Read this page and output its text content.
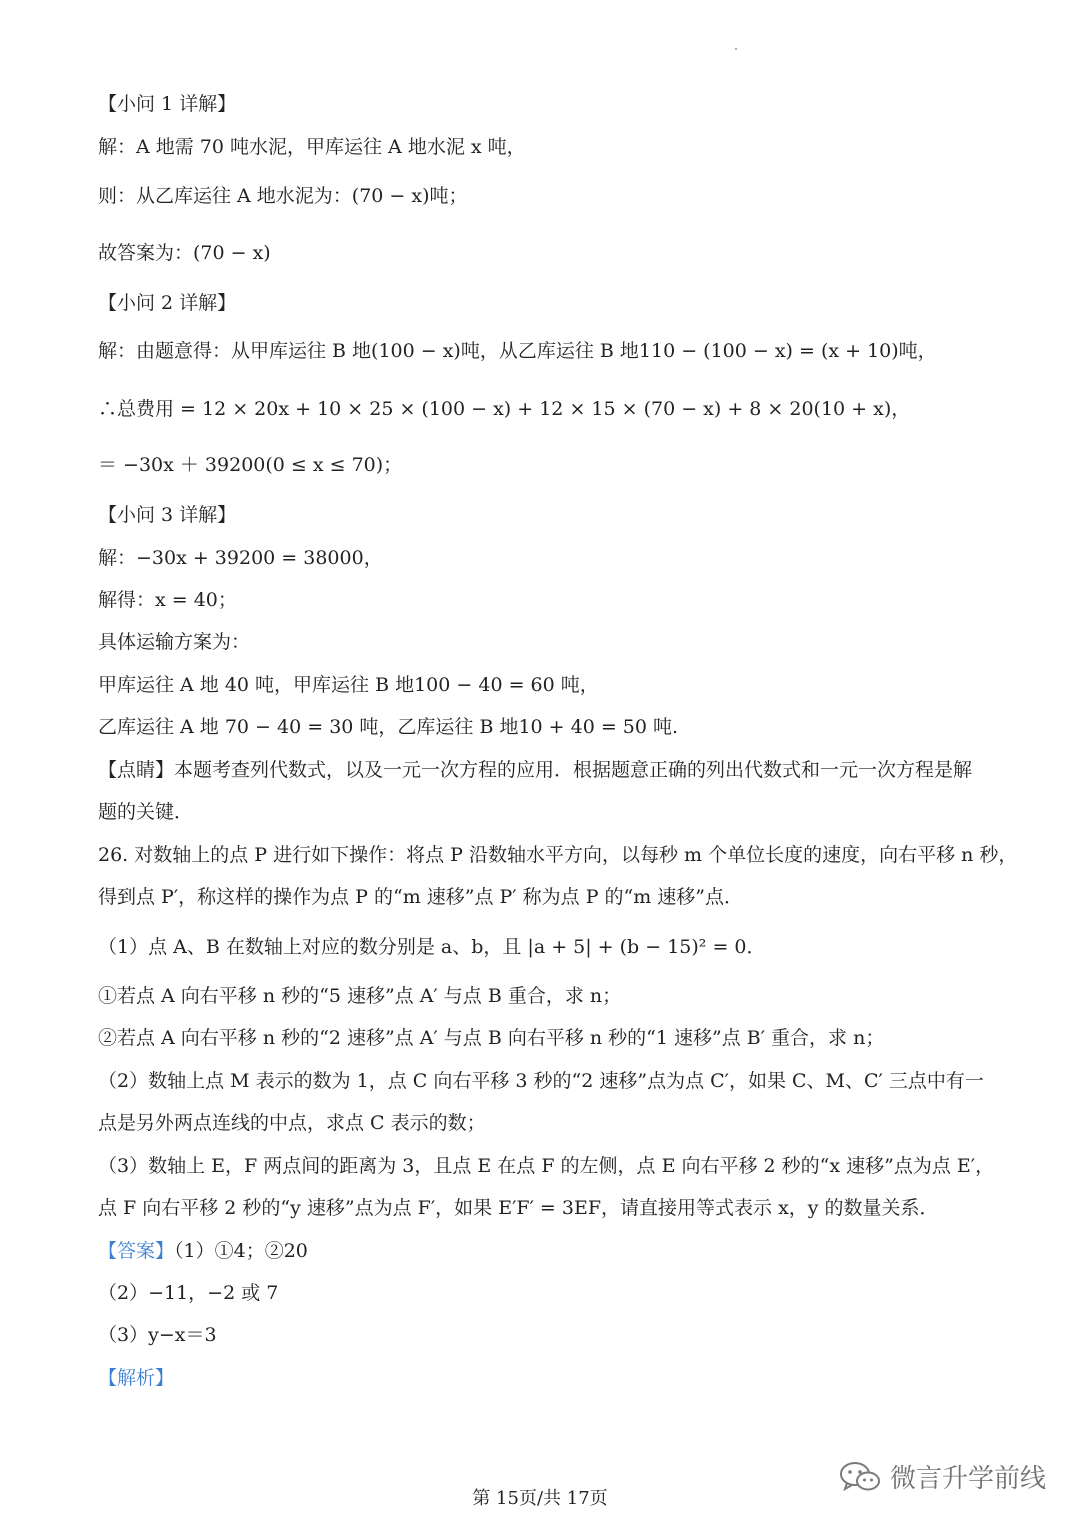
【小问 1 详解】
解：A 地需 70 吨水泥，甲库运往 A 地水泥 x 吨，
则：从乙库运往 A 地水泥为：(70 − x)吨；
故答案为：(70 − x)
【小问 2 详解】
解：由题意得：从甲库运往 B 地(100 − x)吨，从乙库运往 B 地110 − (100 − x) = (x + 10)吨，
∴总费用 = 12 × 20x + 10 × 25 × (100 − x) + 12 × 15 × (70 − x) + 8 × 20(10 + x)，
＝ −30x ＋ 39200(0 ≤ x ≤ 70)；
【小问 3 详解】
解：−30x + 39200 = 38000，
解得：x = 40；
具体运输方案为：
甲库运往 A 地 40 吨，甲库运往 B 地100 − 40 = 60 吨，
乙库运往 A 地 70 − 40 = 30 吨，乙库运往 B 地10 + 40 = 50 吨.
【点睛】本题考查列代数式，以及一元一次方程的应用．根据题意正确的列出代数式和一元一次方程是解
题的关键．
26. 对数轴上的点 P 进行如下操作：将点 P 沿数轴水平方向，以每秒 m 个单位长度的速度，向右平移 n 秒，
得到点 P′，称这样的操作为点 P 的“m 速移”点 P′ 称为点 P 的“m 速移”点．
（1）点 A、B 在数轴上对应的数分别是 a、b，且 |a + 5| + (b − 15)² = 0．
①若点 A 向右平移 n 秒的“5 速移”点 A′ 与点 B 重合，求 n；
②若点 A 向右平移 n 秒的“2 速移”点 A′ 与点 B 向右平移 n 秒的“1 速移”点 B′ 重合，求 n；
（2）数轴上点 M 表示的数为 1，点 C 向右平移 3 秒的“2 速移”点为点 C′，如果 C、M、C′ 三点中有一
点是另外两点连线的中点，求点 C 表示的数；
（3）数轴上 E，F 两点间的距离为 3，且点 E 在点 F 的左侧，点 E 向右平移 2 秒的“x 速移”点为点 E′，
点 F 向右平移 2 秒的“y 速移”点为点 F′，如果 E′F′ = 3EF，请直接用等式表示 x，y 的数量关系．
【答案】（1）①4；②20
（2）−11，−2 或 7
（3）y−x＝3
【解析】
第 15页/共 17页
微言升学前线
